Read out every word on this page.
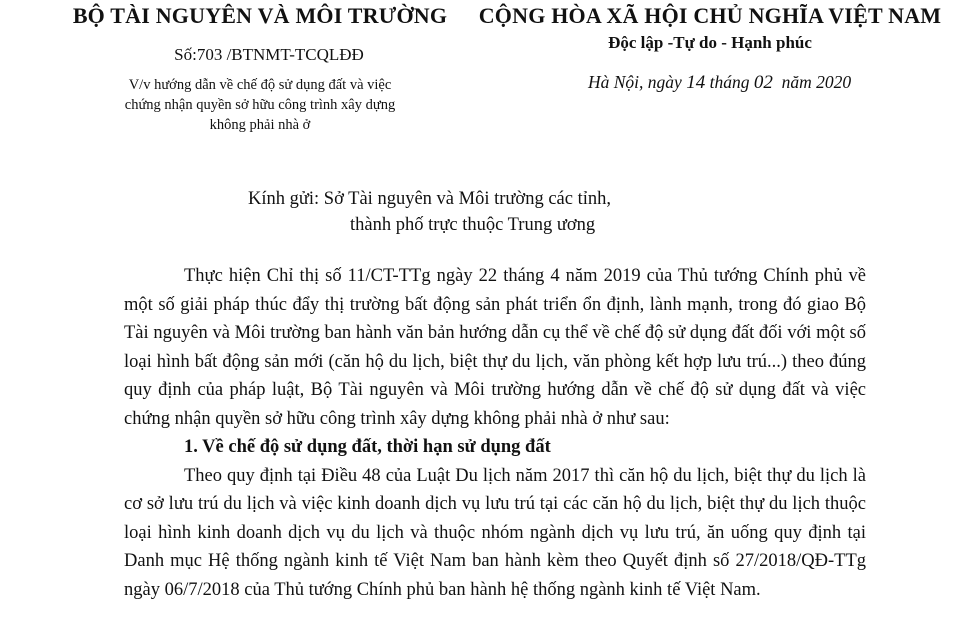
BỘ TÀI NGUYÊN VÀ MÔI TRƯỜNG
Số:703 /BTNMT-TCQLĐĐ
V/v hướng dẫn về chế độ sử dụng đất và việc
chứng nhận quyền sở hữu công trình xây dựng
không phải nhà ở
CỘNG HÒA XÃ HỘI CHỦ NGHĨA VIỆT NAM
Độc lập -Tự do - Hạnh phúc
Hà Nội, ngày 14 tháng 02 năm 2020
Kính gửi: Sở Tài nguyên và Môi trường các tỉnh,
thành phố trực thuộc Trung ương

Thực hiện Chỉ thị số 11/CT-TTg ngày 22 tháng 4 năm 2019 của Thủ tướng Chính phủ về một số giải pháp thúc đẩy thị trường bất động sản phát triển ổn định, lành mạnh, trong đó giao Bộ Tài nguyên và Môi trường ban hành văn bản hướng dẫn cụ thể về chế độ sử dụng đất đối với một số loại hình bất động sản mới (căn hộ du lịch, biệt thự du lịch, văn phòng kết hợp lưu trú...) theo đúng quy định của pháp luật, Bộ Tài nguyên và Môi trường hướng dẫn về chế độ sử dụng đất và việc chứng nhận quyền sở hữu công trình xây dựng không phải nhà ở như sau:

1. Về chế độ sử dụng đất, thời hạn sử dụng đất

Theo quy định tại Điều 48 của Luật Du lịch năm 2017 thì căn hộ du lịch, biệt thự du lịch là cơ sở lưu trú du lịch và việc kinh doanh dịch vụ lưu trú tại các căn hộ du lịch, biệt thự du lịch thuộc loại hình kinh doanh dịch vụ du lịch và thuộc nhóm ngành dịch vụ lưu trú, ăn uống quy định tại Danh mục Hệ thống ngành kinh tế Việt Nam ban hành kèm theo Quyết định số 27/2018/QĐ-TTg ngày 06/7/2018 của Thủ tướng Chính phủ ban hành hệ thống ngành kinh tế Việt Nam.
